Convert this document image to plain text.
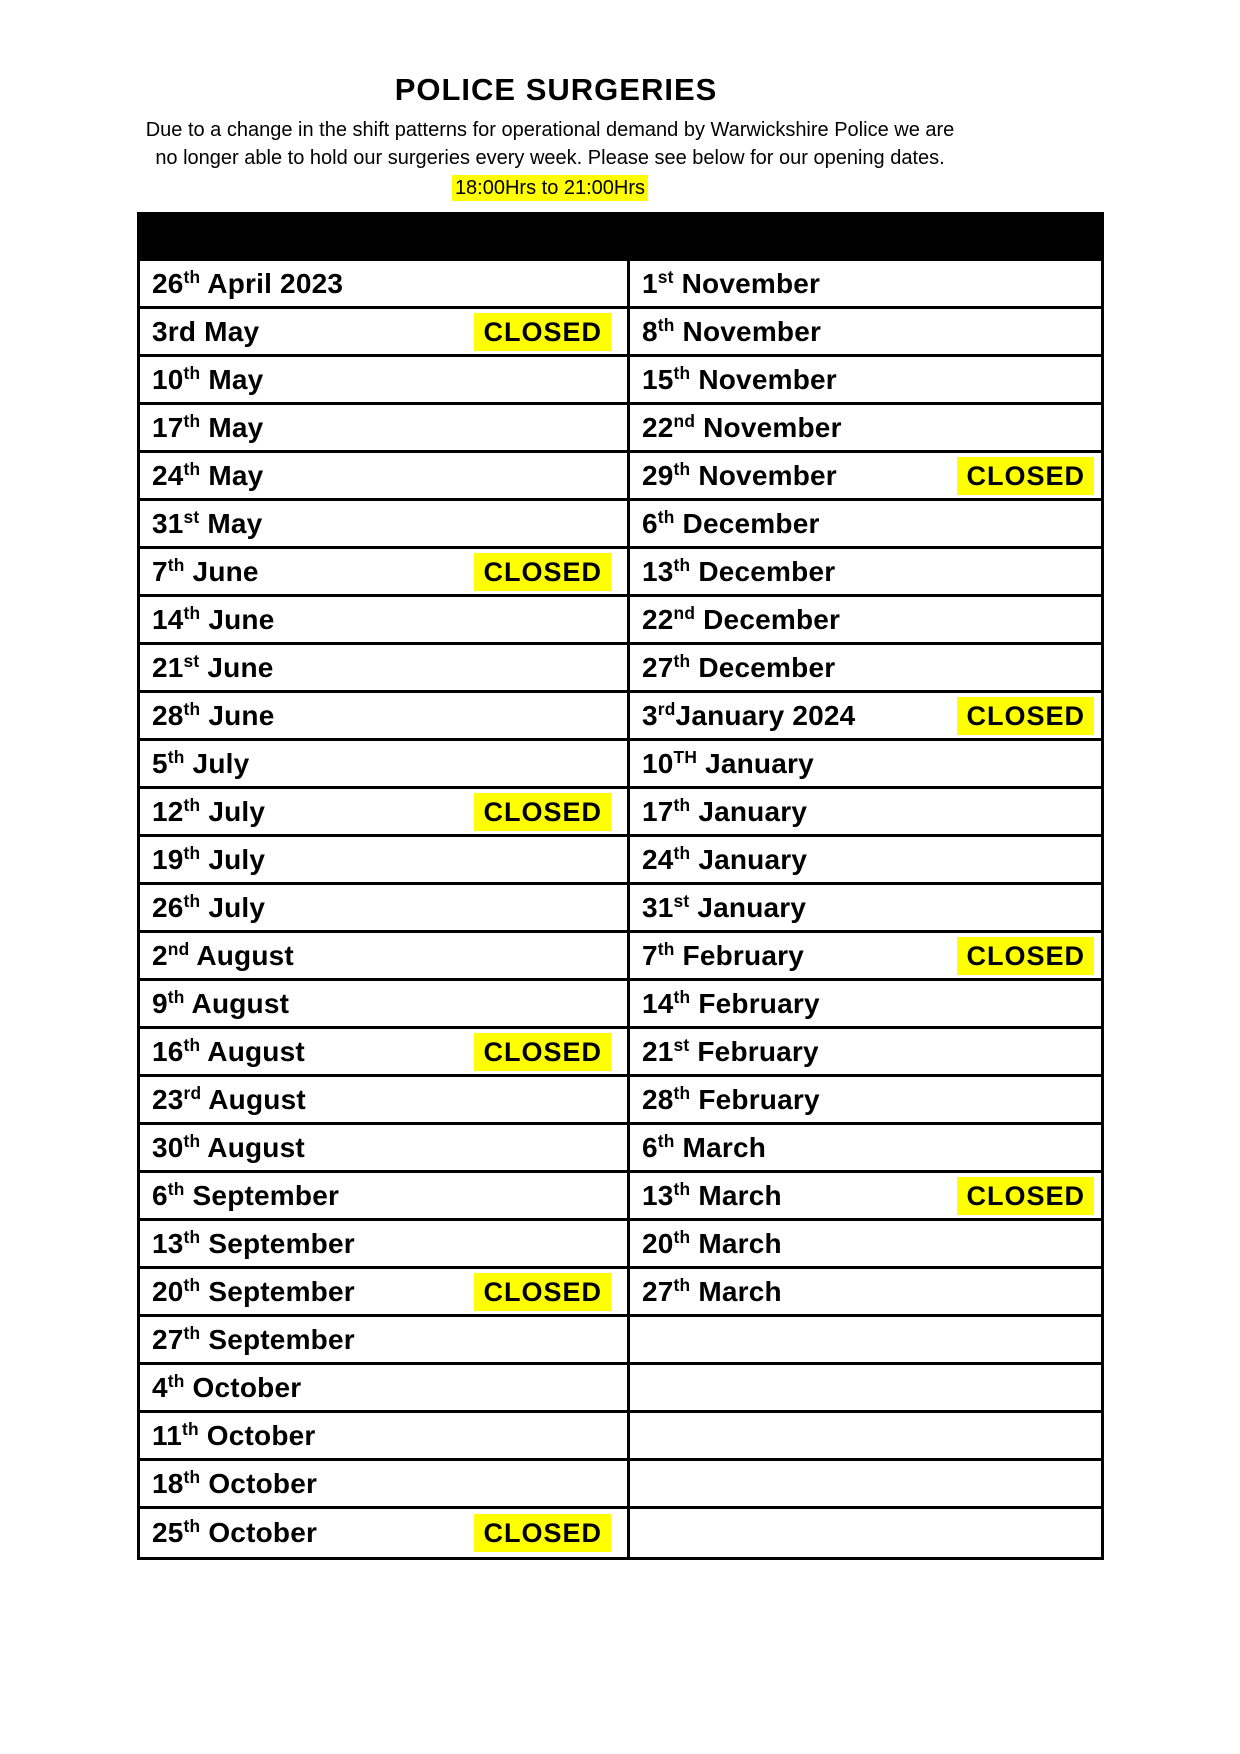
POLICE SURGERIES
Due to a change in the shift patterns for operational demand by Warwickshire Police we are
no longer able to hold our surgeries every week. Please see below for our opening dates.
18:00Hrs to 21:00Hrs
26th April 2023	1st November
3rd May	CLOSED	8th November
10th May	15th November
17th May	22nd November
24th May	29th November	CLOSED
31st May	6th December
7th June	CLOSED	13th December
14th June	22nd December
21st June	27th December
28th June	3rdJanuary 2024	CLOSED
5th July	10TH January
12th July	CLOSED	17th January
19th July	24th January
26th July	31st January
2nd August	7th February	CLOSED
9th August	14th February
16th August	CLOSED	21st February
23rd August	28th February
30th August	6th March
6th September	13th March	CLOSED
13th September	20th March
20th September	CLOSED	27th March
27th September
4th October
11th October
18th October
25th October	CLOSED
